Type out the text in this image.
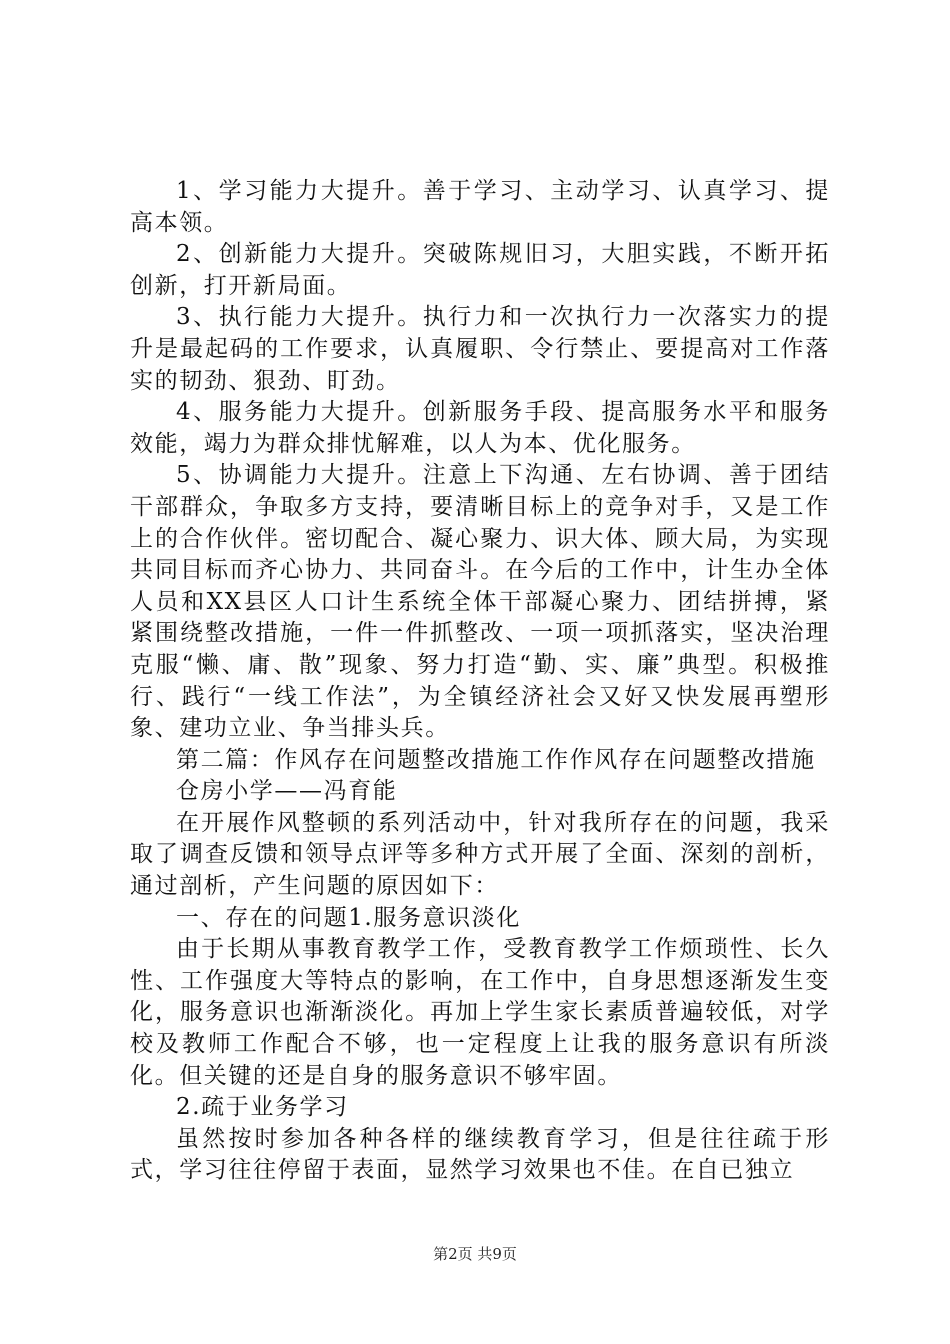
1、学习能力大提升。善于学习、主动学习、认真学习、提高本领。

2、创新能力大提升。突破陈规旧习，大胆实践，不断开拓创新，打开新局面。

3、执行能力大提升。执行力和一次执行力一次落实力的提升是最起码的工作要求，认真履职、令行禁止、要提高对工作落实的韧劲、狠劲、盯劲。

4、服务能力大提升。创新服务手段、提高服务水平和服务效能，竭力为群众排忧解难，以人为本、优化服务。

5、协调能力大提升。注意上下沟通、左右协调、善于团结干部群众，争取多方支持，要清晰目标上的竞争对手，又是工作上的合作伙伴。密切配合、凝心聚力、识大体、顾大局，为实现共同目标而齐心协力、共同奋斗。在今后的工作中，计生办全体人员和XX县区人口计生系统全体干部凝心聚力、团结拼搏，紧紧围绕整改措施，一件一件抓整改、一项一项抓落实，坚决治理克服“懒、庸、散”现象、努力打造“勤、实、廉”典型。积极推行、践行“一线工作法”，为全镇经济社会又好又快发展再塑形象、建功立业、争当排头兵。

第二篇：作风存在问题整改措施工作作风存在问题整改措施

仓房小学——冯育能

在开展作风整顿的系列活动中，针对我所存在的问题，我采取了调查反馈和领导点评等多种方式开展了全面、深刻的剖析，通过剖析，产生问题的原因如下：

一、存在的问题1.服务意识淡化

由于长期从事教育教学工作，受教育教学工作烦琐性、长久性、工作强度大等特点的影响，在工作中，自身思想逐渐发生变化，服务意识也渐渐淡化。再加上学生家长素质普遍较低，对学校及教师工作配合不够，也一定程度上让我的服务意识有所淡化。但关键的还是自身的服务意识不够牢固。

2.疏于业务学习

虽然按时参加各种各样的继续教育学习，但是往往疏于形式，学习往往停留于表面，显然学习效果也不佳。在自已独立

第2页 共9页
